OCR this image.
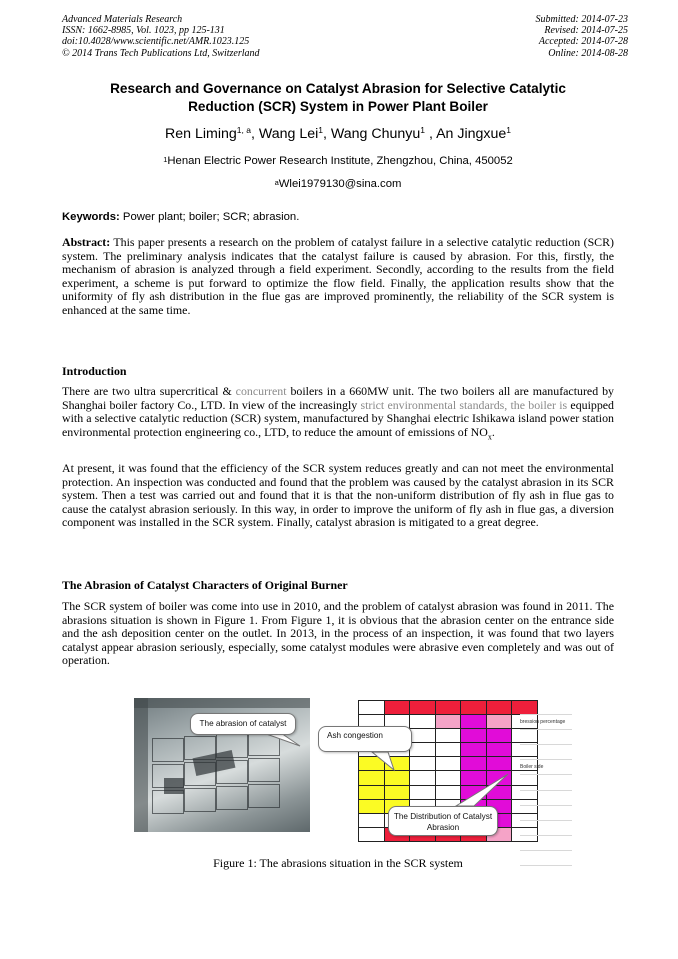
Advanced Materials Research
ISSN: 1662-8985, Vol. 1023, pp 125-131
doi:10.4028/www.scientific.net/AMR.1023.125
© 2014 Trans Tech Publications Ltd, Switzerland
Submitted: 2014-07-23
Revised: 2014-07-25
Accepted: 2014-07-28
Online: 2014-08-28
Research and Governance on Catalyst Abrasion for Selective Catalytic
Reduction (SCR) System in Power Plant Boiler
Ren Liming$^{1, a}$, Wang Lei$^1$, Wang Chunyu$^1$ , An Jingxue$^1$
$^1$Henan Electric Power Research Institute, Zhengzhou, China, 450052
$^a$Wlei1979130@sina.com
Keywords: Power plant; boiler; SCR; abrasion.
Abstract: This paper presents a research on the problem of catalyst failure in a selective catalytic reduction (SCR) system. The preliminary analysis indicates that the catalyst failure is caused by abrasion. For this, firstly, the mechanism of abrasion is analyzed through a field experiment. Secondly, according to the results from the field experiment, a scheme is put forward to optimize the flow field. Finally, the application results show that the uniformity of fly ash distribution in the flue gas are improved prominently, the reliability of the SCR system is enhanced at the same time.
Introduction
There are two ultra supercritical & concurrent boilers in a 660MW unit. The two boilers all are manufactured by Shanghai boiler factory Co., LTD. In view of the increasingly strict environmental standards, the boiler is equipped with a selective catalytic reduction (SCR) system, manufactured by Shanghai electric Ishikawa island power station environmental protection engineering co., LTD, to reduce the amount of emissions of $NO_x$.
At present, it was found that the efficiency of the SCR system reduces greatly and can not meet the environmental protection. An inspection was conducted and found that the problem was caused by the catalyst abrasion in its SCR system. Then a test was carried out and found that it is that the non-uniform distribution of fly ash in flue gas to cause the catalyst abrasion seriously. In this way, in order to improve the uniform of fly ash in flue gas, a diversion component was installed in the SCR system. Finally, catalyst abrasion is mitigated to a great degree.
The Abrasion of Catalyst Characters of Original Burner
The SCR system of boiler was come into use in 2010, and the problem of catalyst abrasion was found in 2011. The abrasions situation is shown in Figure 1. From Figure 1, it is obvious that the abrasion center on the entrance side and the ash deposition center on the outlet. In 2013, in the process of an inspection, it was found that two layers catalyst appear abrasion seriously, especially, some catalyst modules were abrasive even completely and was out of operation.

bression percentage
Boiler side
The abrasion of catalyst
Ash congestion
The Distribution of Catalyst Abrasion
Figure 1: The abrasions situation in the SCR system
